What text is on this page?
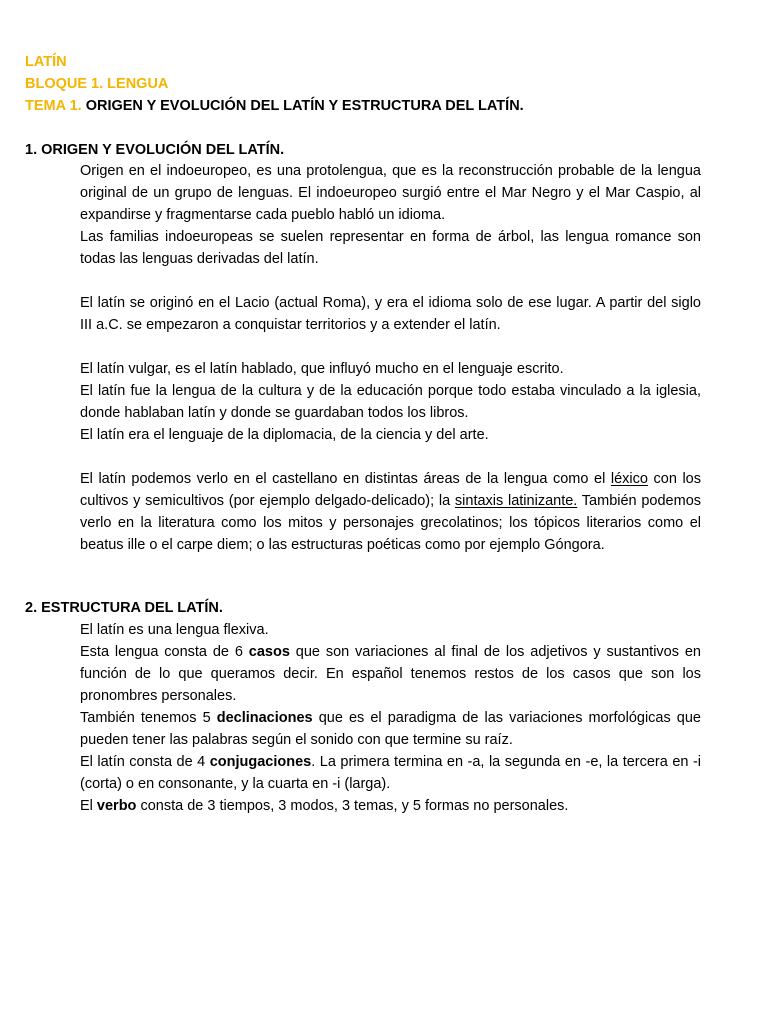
LATÍN
BLOQUE 1. LENGUA
TEMA 1. ORIGEN Y EVOLUCIÓN DEL LATÍN Y ESTRUCTURA DEL LATÍN.
1. ORIGEN Y EVOLUCIÓN DEL LATÍN.

Origen en el indoeuropeo, es una protolengua, que es la reconstrucción probable de la lengua original de un grupo de lenguas. El indoeuropeo surgió entre el Mar Negro y el Mar Caspio, al expandirse y fragmentarse cada pueblo habló un idioma.

Las familias indoeuropeas se suelen representar en forma de árbol, las lengua romance son todas las lenguas derivadas del latín.

El latín se originó en el Lacio (actual Roma), y era el idioma solo de ese lugar. A partir del siglo III a.C. se empezaron a conquistar territorios y a extender el latín.

El latín vulgar, es el latín hablado, que influyó mucho en el lenguaje escrito.

El latín fue la lengua de la cultura y de la educación porque todo estaba vinculado a la iglesia, donde hablaban latín y donde se guardaban todos los libros.

El latín era el lenguaje de la diplomacia, de la ciencia y del arte.

El latín podemos verlo en el castellano en distintas áreas de la lengua como el léxico con los cultivos y semicultivos (por ejemplo delgado-delicado); la sintaxis latinizante. También podemos verlo en la literatura como los mitos y personajes grecolatinos; los tópicos literarios como el beatus ille o el carpe diem; o las estructuras poéticas como por ejemplo Góngora.

2. ESTRUCTURA DEL LATÍN.

El latín es una lengua flexiva.

Esta lengua consta de 6 casos que son variaciones al final de los adjetivos y sustantivos en función de lo que queramos decir. En español tenemos restos de los casos que son los pronombres personales.

También tenemos 5 declinaciones que es el paradigma de las variaciones morfológicas que pueden tener las palabras según el sonido con que termine su raíz.

El latín consta de 4 conjugaciones. La primera termina en -a, la segunda en -e, la tercera en -i (corta) o en consonante, y la cuarta en -i (larga).

El verbo consta de 3 tiempos, 3 modos, 3 temas, y 5 formas no personales.
